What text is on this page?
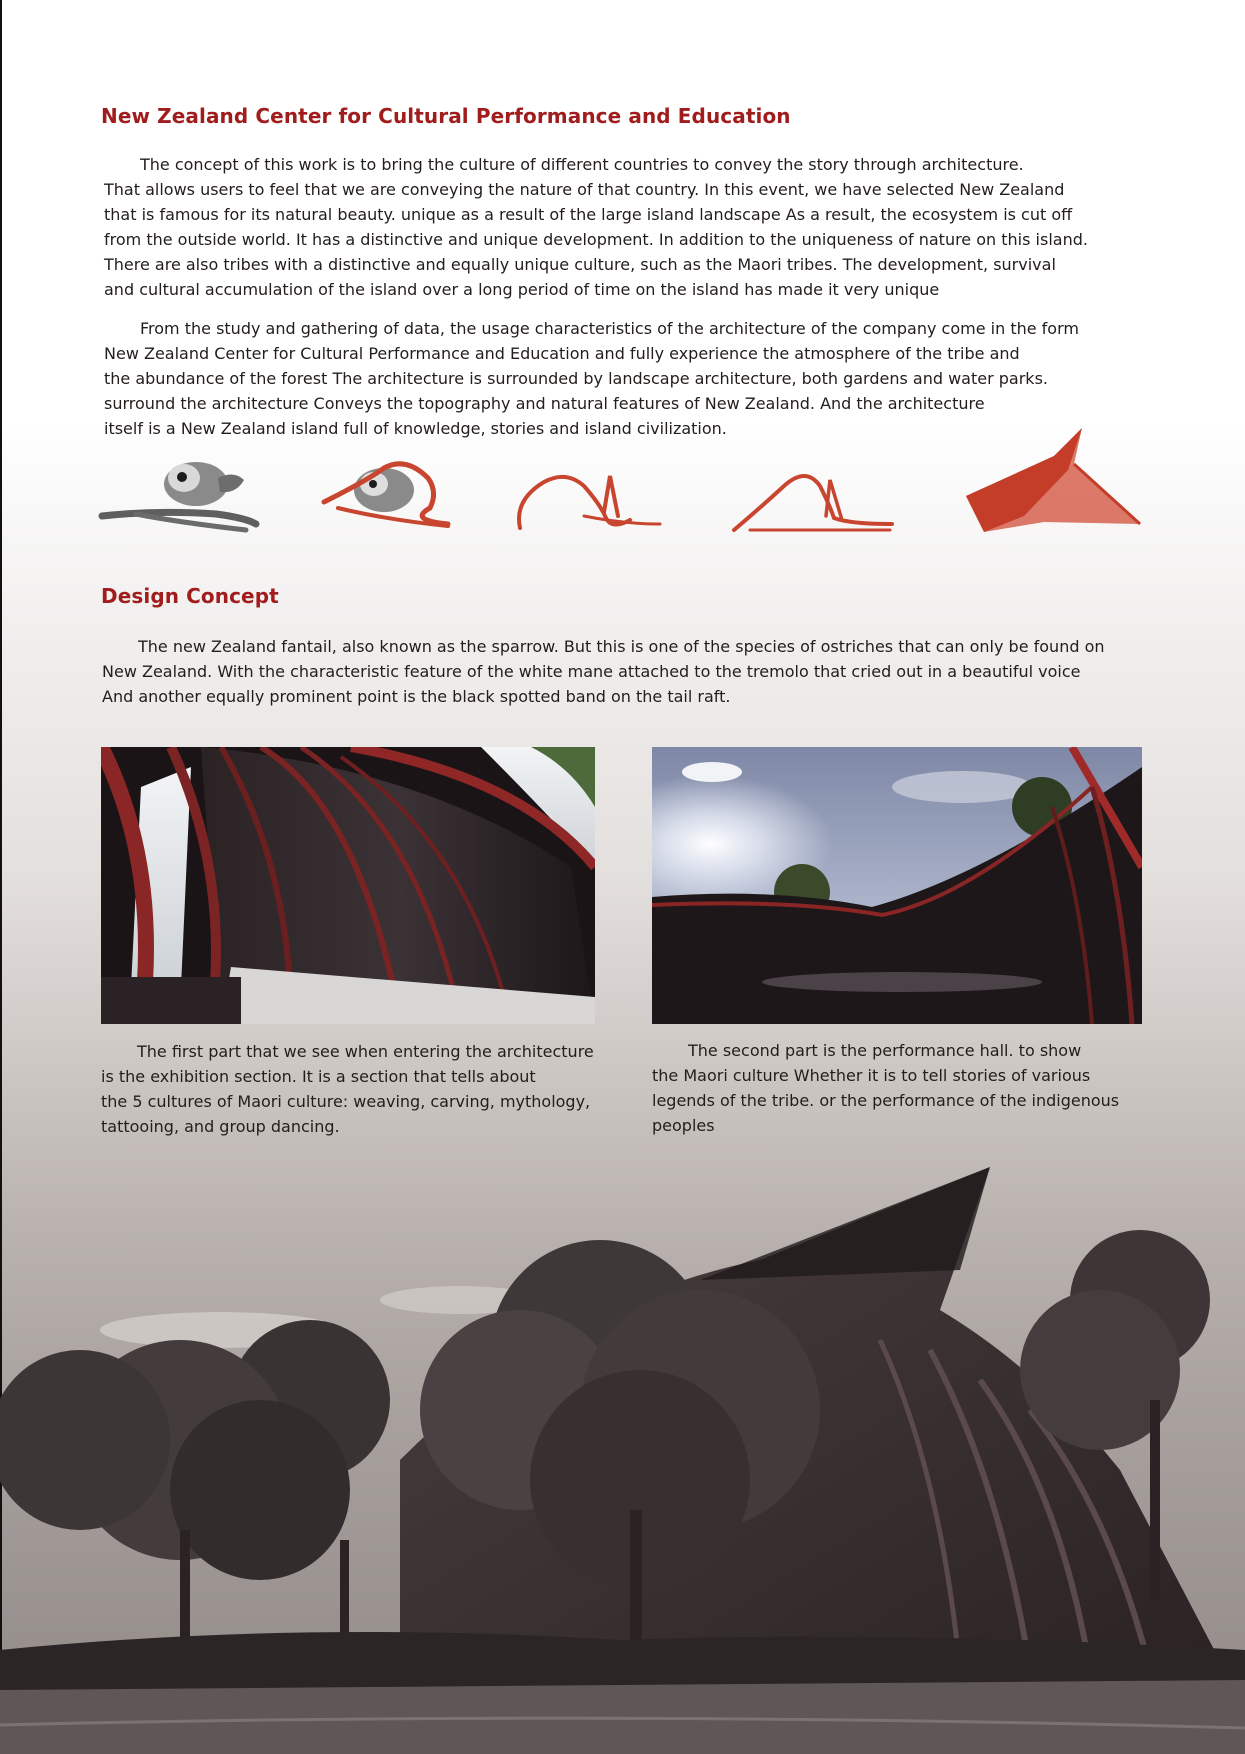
New Zealand Center for Cultural Performance and Education
The concept of this work is to bring the culture of different countries to convey the story through architecture.
That allows users to feel that we are conveying the nature of that country. In this event, we have selected New Zealand
that is famous for its natural beauty. unique as a result of the large island landscape As a result, the ecosystem is cut off
from the outside world. It has a distinctive and unique development. In addition to the uniqueness of nature on this island.
There are also tribes with a distinctive and equally unique culture, such as the Maori tribes. The development, survival
and cultural accumulation of the island over a long period of time on the island has made it very unique
From the study and gathering of data, the usage characteristics of the architecture of the company come in the form
New Zealand Center for Cultural Performance and Education and fully experience the atmosphere of the tribe and
the abundance of the forest The architecture is surrounded by landscape architecture, both gardens and water parks.
surround the architecture Conveys the topography and natural features of New Zealand. And the architecture
itself is a New Zealand island full of knowledge, stories and island civilization.
Design Concept
The new Zealand fantail, also known as the sparrow. But this is one of the species of ostriches that can only be found on
New Zealand. With the characteristic feature of the white mane attached to the tremolo that cried out in a beautiful voice
And another equally prominent point is the black spotted band on the tail raft.
The first part that we see when entering the architecture
is the exhibition section. It is a section that tells about
the 5 cultures of Maori culture: weaving, carving, mythology,
tattooing, and group dancing.
The second part is the performance hall. to show
the Maori culture Whether it is to tell stories of various
legends of the tribe. or the performance of the indigenous
peoples
